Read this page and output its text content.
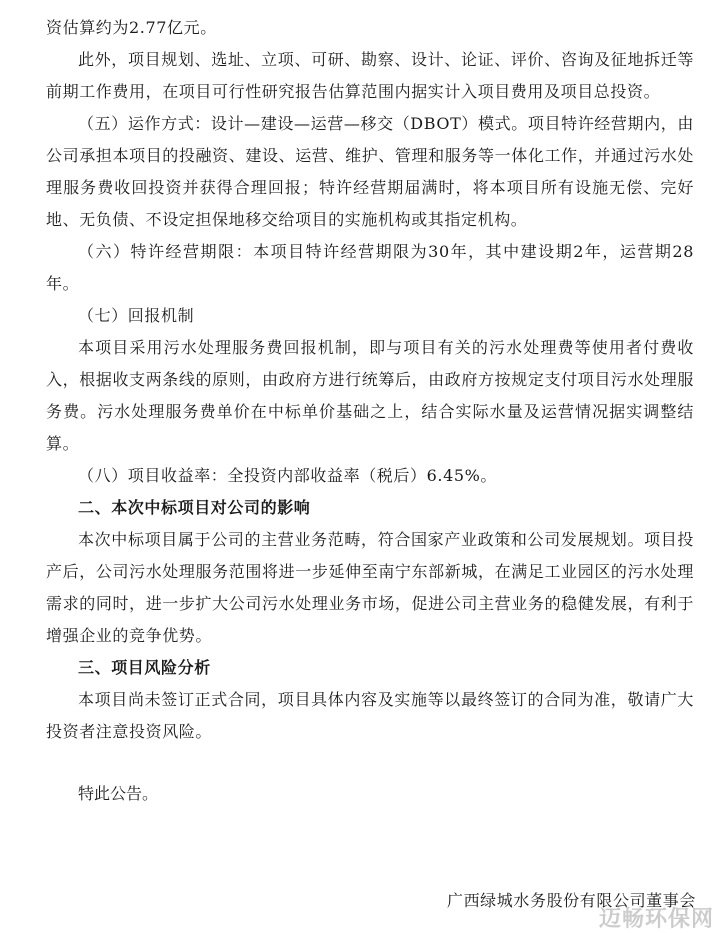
资估算约为2.77亿元。

此外，项目规划、选址、立项、可研、勘察、设计、论证、评价、咨询及征地拆迁等前期工作费用，在项目可行性研究报告估算范围内据实计入项目费用及项目总投资。

（五）运作方式：设计—建设—运营—移交（DBOT）模式。项目特许经营期内，由公司承担本项目的投融资、建设、运营、维护、管理和服务等一体化工作，并通过污水处理服务费收回投资并获得合理回报；特许经营期届满时，将本项目所有设施无偿、完好地、无负债、不设定担保地移交给项目的实施机构或其指定机构。

（六）特许经营期限：本项目特许经营期限为30年，其中建设期2年，运营期28年。

（七）回报机制

本项目采用污水处理服务费回报机制，即与项目有关的污水处理费等使用者付费收入，根据收支两条线的原则，由政府方进行统筹后，由政府方按规定支付项目污水处理服务费。污水处理服务费单价在中标单价基础之上，结合实际水量及运营情况据实调整结算。

（八）项目收益率：全投资内部收益率（税后）6.45%。

二、本次中标项目对公司的影响

本次中标项目属于公司的主营业务范畴，符合国家产业政策和公司发展规划。项目投产后，公司污水处理服务范围将进一步延伸至南宁东部新城，在满足工业园区的污水处理需求的同时，进一步扩大公司污水处理业务市场，促进公司主营业务的稳健发展，有利于增强企业的竞争优势。

三、项目风险分析

本项目尚未签订正式合同，项目具体内容及实施等以最终签订的合同为准，敬请广大投资者注意投资风险。

特此公告。

广西绿城水务股份有限公司董事会
迈畅环保网
